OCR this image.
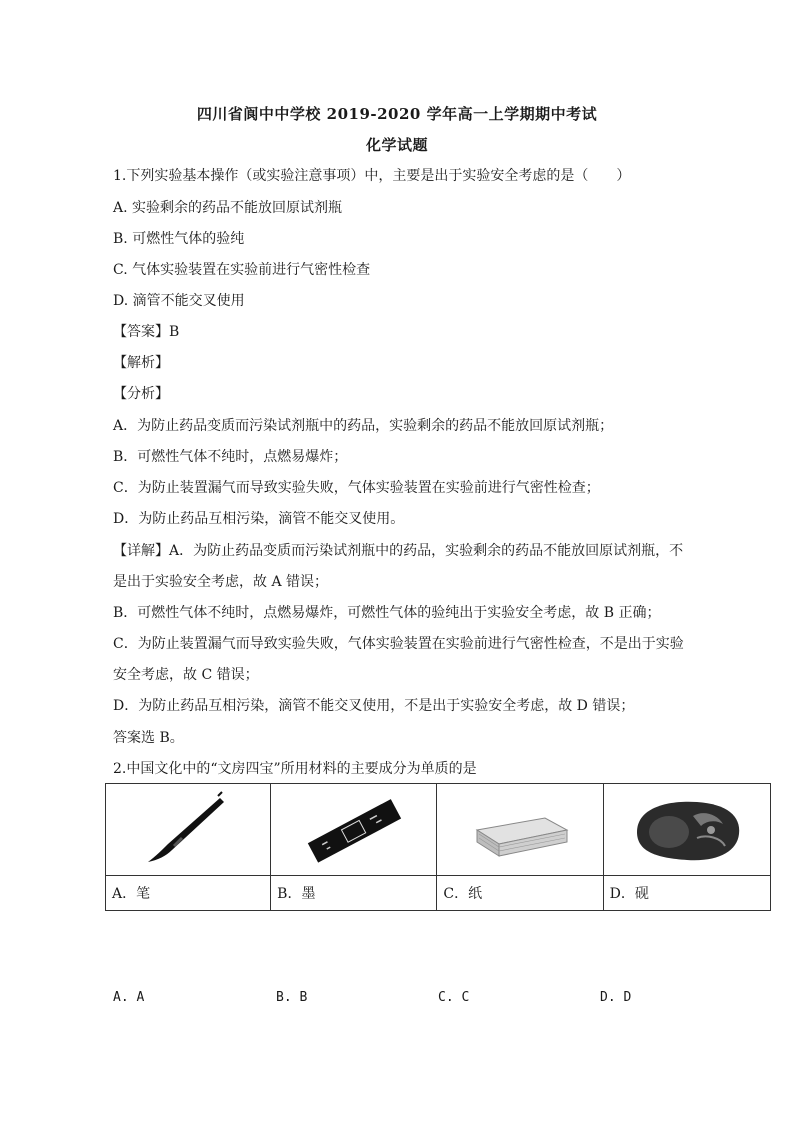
四川省阆中中学校 2019-2020 学年高一上学期期中考试
化学试题
1.下列实验基本操作（或实验注意事项）中，主要是出于实验安全考虑的是（　　）
A. 实验剩余的药品不能放回原试剂瓶
B. 可燃性气体的验纯
C. 气体实验装置在实验前进行气密性检查
D. 滴管不能交叉使用
【答案】B
【解析】
【分析】
A．为防止药品变质而污染试剂瓶中的药品，实验剩余的药品不能放回原试剂瓶；
B．可燃性气体不纯时，点燃易爆炸；
C．为防止装置漏气而导致实验失败，气体实验装置在实验前进行气密性检查；
D．为防止药品互相污染，滴管不能交叉使用。
【详解】A．为防止药品变质而污染试剂瓶中的药品，实验剩余的药品不能放回原试剂瓶，不
是出于实验安全考虑，故 A 错误；
B．可燃性气体不纯时，点燃易爆炸，可燃性气体的验纯出于实验安全考虑，故 B 正确；
C．为防止装置漏气而导致实验失败，气体实验装置在实验前进行气密性检查，不是出于实验
安全考虑，故 C 错误；
D．为防止药品互相污染，滴管不能交叉使用，不是出于实验安全考虑，故 D 错误；
答案选 B。
2.中国文化中的“文房四宝”所用材料的主要成分为单质的是

A．笔	B．墨	C．纸	D．砚
A. A	B. B	C. C	D. D
